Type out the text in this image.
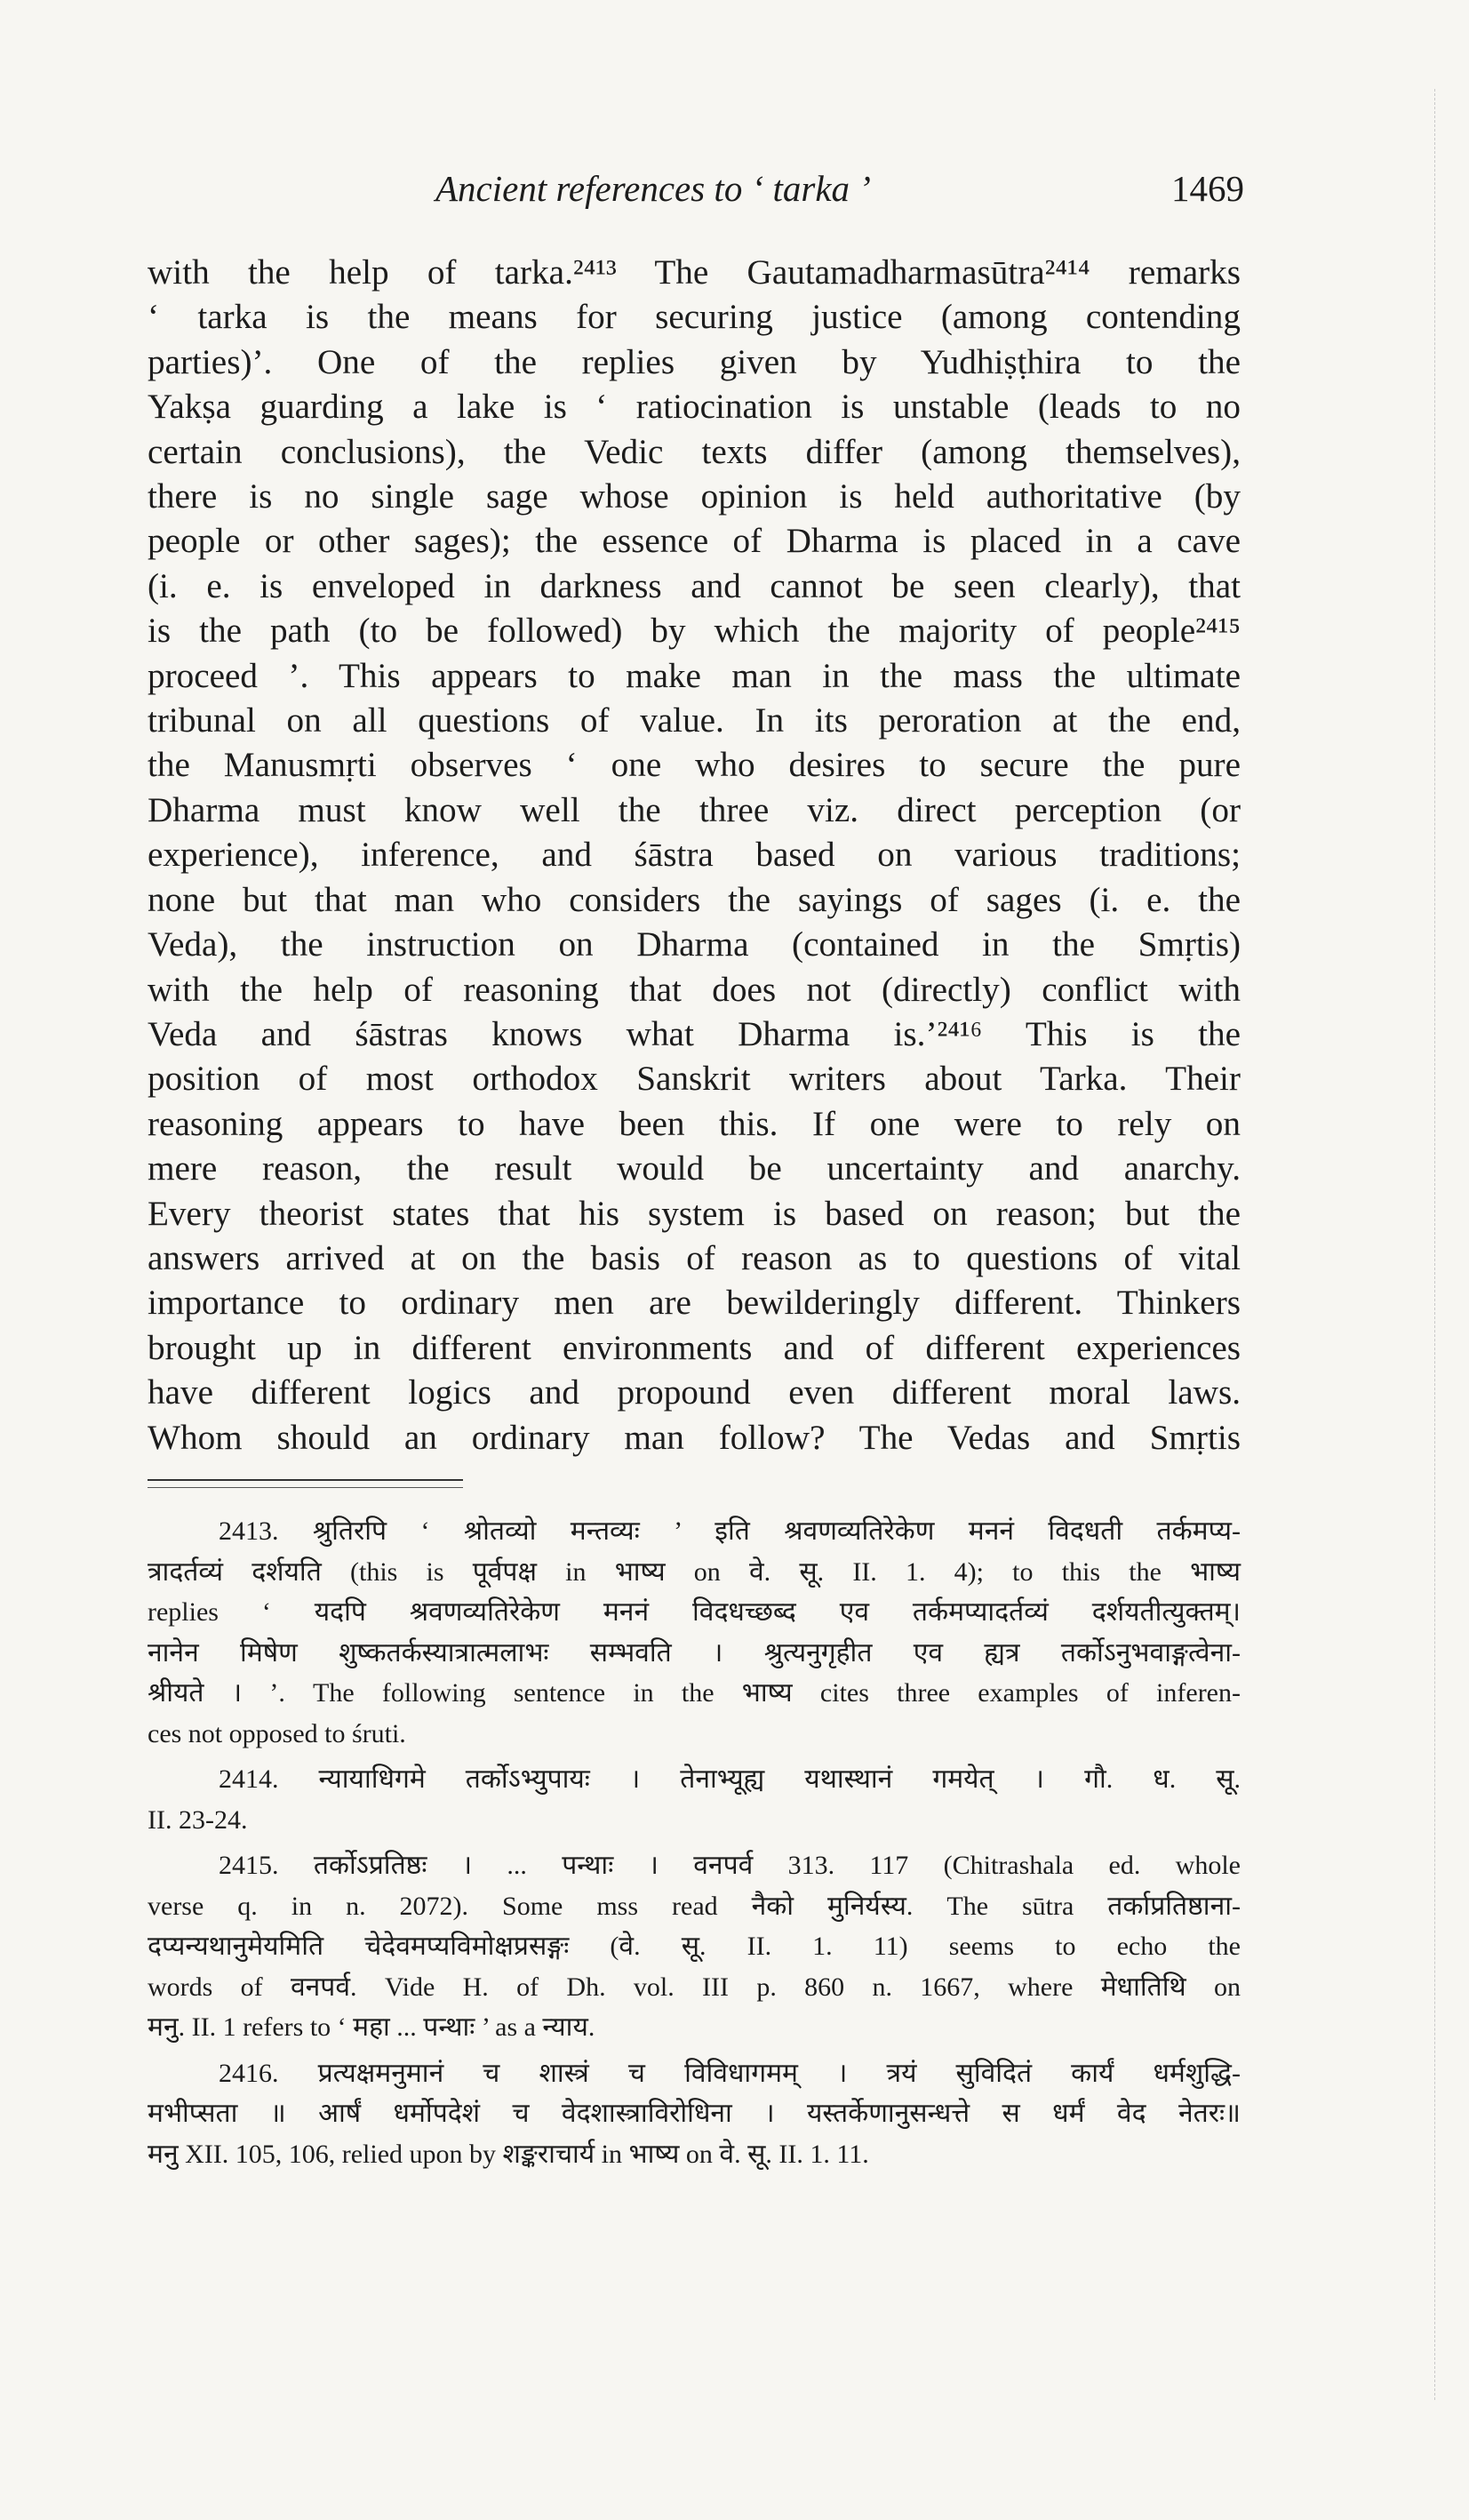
Ancient references to ‘ tarka ’	1469
with the help of tarka.²⁴¹³ The Gautamadharmasūtra²⁴¹⁴ remarks
‘ tarka is the means for securing justice (among contending
parties)’. One of the replies given by Yudhiṣṭhira to the
Yakṣa guarding a lake is ‘ ratiocination is unstable (leads to no
certain conclusions), the Vedic texts differ (among themselves),
there is no single sage whose opinion is held authoritative (by
people or other sages); the essence of Dharma is placed in a cave
(i. e. is enveloped in darkness and cannot be seen clearly), that
is the path (to be followed) by which the majority of people²⁴¹⁵
proceed ’. This appears to make man in the mass the ultimate
tribunal on all questions of value. In its peroration at the end,
the Manusmṛti observes ‘ one who desires to secure the pure
Dharma must know well the three viz. direct perception (or
experience), inference, and śāstra based on various traditions;
none but that man who considers the sayings of sages (i. e. the
Veda), the instruction on Dharma (contained in the Smṛtis)
with the help of reasoning that does not (directly) conflict with
Veda and śāstras knows what Dharma is.’²⁴¹⁶ This is the
position of most orthodox Sanskrit writers about Tarka. Their
reasoning appears to have been this. If one were to rely on
mere reason, the result would be uncertainty and anarchy.
Every theorist states that his system is based on reason; but the
answers arrived at on the basis of reason as to questions of vital
importance to ordinary men are bewilderingly different. Thinkers
brought up in different environments and of different experiences
have different logics and propound even different moral laws.
Whom should an ordinary man follow? The Vedas and Smṛtis
2413. श्रुतिरपि ‘ श्रोतव्यो मन्तव्यः ’ इति श्रवणव्यतिरेकेण मननं विदधती तर्कमप्य-
त्रादर्तव्यं दर्शयति (this is पूर्वपक्ष in भाष्य on वे. सू. II. 1. 4); to this the भाष्य
replies ‘ यदपि श्रवणव्यतिरेकेण मननं विदधच्छब्द एव तर्कमप्यादर्तव्यं दर्शयतीत्युक्तम्।
नानेन मिषेण शुष्कतर्कस्यात्रात्मलाभः सम्भवति । श्रुत्यनुगृहीत एव ह्यत्र तर्कोऽनुभवाङ्गत्वेना-
श्रीयते । ’. The following sentence in the भाष्य cites three examples of inferen-
ces not opposed to śruti.
2414. न्यायाधिगमे तर्कोऽभ्युपायः । तेनाभ्यूह्य यथास्थानं गमयेत् । गौ. ध. सू.
II. 23-24.
2415. तर्कोऽप्रतिष्ठः । ... पन्थाः । वनपर्व 313. 117 (Chitrashala ed. whole
verse q. in n. 2072). Some mss read नैको मुनिर्यस्य. The sūtra तर्काप्रतिष्ठाना-
दप्यन्यथानुमेयमिति चेदेवमप्यविमोक्षप्रसङ्गः (वे. सू. II. 1. 11) seems to echo the
words of वनपर्व. Vide H. of Dh. vol. III p. 860 n. 1667, where मेधातिथि on
मनु. II. 1 refers to ‘ महा ... पन्थाः ’ as a न्याय.
2416. प्रत्यक्षमनुमानं च शास्त्रं च विविधागमम् । त्रयं सुविदितं कार्यं धर्मशुद्धि-
मभीप्सता ॥ आर्षं धर्मोपदेशं च वेदशास्त्राविरोधिना । यस्तर्केणानुसन्धत्ते स धर्मं वेद नेतरः॥
मनु XII. 105, 106, relied upon by शङ्कराचार्य in भाष्य on वे. सू. II. 1. 11.
